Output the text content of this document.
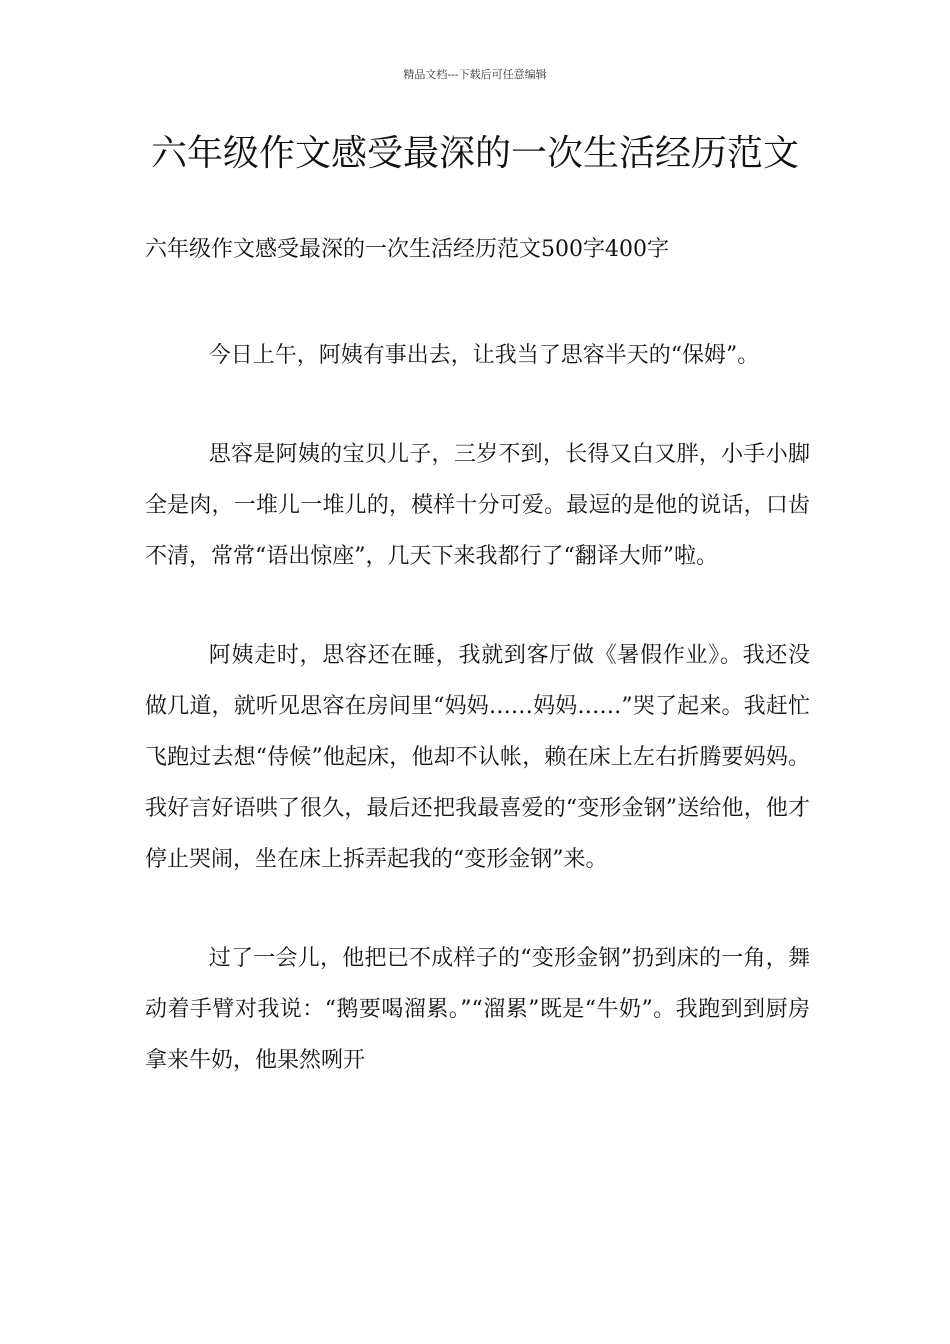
精品文档---下载后可任意编辑
六年级作文感受最深的一次生活经历范文
六年级作文感受最深的一次生活经历范文500字400字

今日上午，阿姨有事出去，让我当了思容半天的“保姆”。

思容是阿姨的宝贝儿子，三岁不到，长得又白又胖，小手小脚全是肉，一堆儿一堆儿的，模样十分可爱。最逗的是他的说话，口齿不清，常常“语出惊座”，几天下来我都行了“翻译大师”啦。

阿姨走时，思容还在睡，我就到客厅做《暑假作业》。我还没做几道，就听见思容在房间里“妈妈……妈妈……”哭了起来。我赶忙飞跑过去想“侍候”他起床，他却不认帐，赖在床上左右折腾要妈妈。我好言好语哄了很久，最后还把我最喜爱的“变形金钢”送给他，他才停止哭闹，坐在床上拆弄起我的“变形金钢”来。

过了一会儿，他把已不成样子的“变形金钢”扔到床的一角，舞动着手臂对我说：“鹅要喝溜累。”“溜累”既是“牛奶”。我跑到到厨房拿来牛奶，他果然咧开
